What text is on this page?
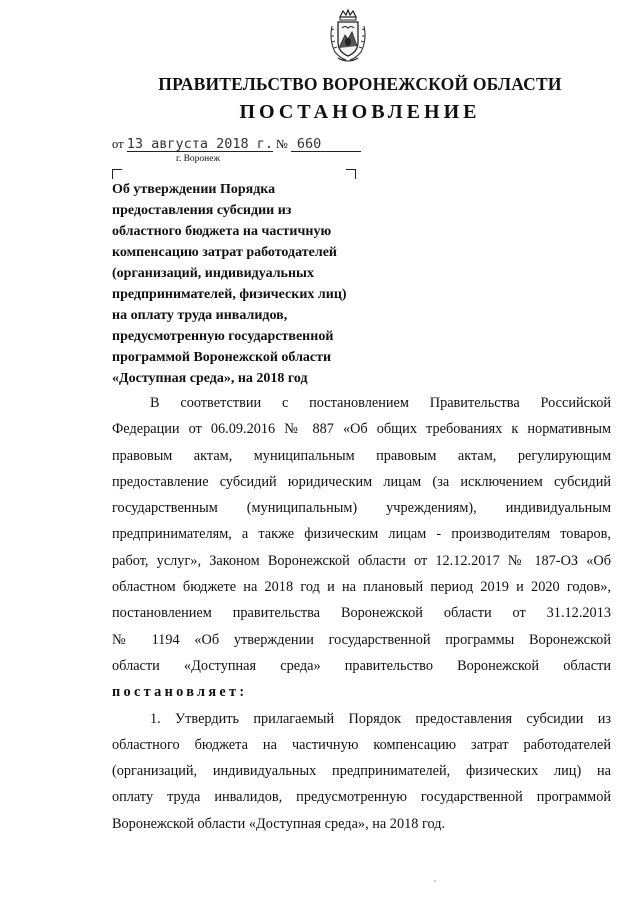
ПРАВИТЕЛЬСТВО ВОРОНЕЖСКОЙ ОБЛАСТИ
ПОСТАНОВЛЕНИЕ
от 13 августа 2018 г. № 660
г. Воронеж
Об утверждении Порядка
предоставления субсидии из
областного бюджета на частичную
компенсацию затрат работодателей
(организаций, индивидуальных
предпринимателей, физических лиц)
на оплату труда инвалидов,
предусмотренную государственной
программой Воронежской области
«Доступная среда», на 2018 год
В соответствии с постановлением Правительства Российской
Федерации от 06.09.2016 № 887 «Об общих требованиях к нормативным
правовым актам, муниципальным правовым актам, регулирующим
предоставление субсидий юридическим лицам (за исключением субсидий
государственным (муниципальным) учреждениям), индивидуальным
предпринимателям, а также физическим лицам - производителям товаров,
работ, услуг», Законом Воронежской области от 12.12.2017 № 187-ОЗ «Об
областном бюджете на 2018 год и на плановый период 2019 и 2020 годов»,
постановлением правительства Воронежской области от 31.12.2013
№ 1194 «Об утверждении государственной программы Воронежской
области «Доступная среда» правительство Воронежской области
постановляет:
1. Утвердить прилагаемый Порядок предоставления субсидии из
областного бюджета на частичную компенсацию затрат работодателей
(организаций, индивидуальных предпринимателей, физических лиц) на
оплату труда инвалидов, предусмотренную государственной программой
Воронежской области «Доступная среда», на 2018 год.
